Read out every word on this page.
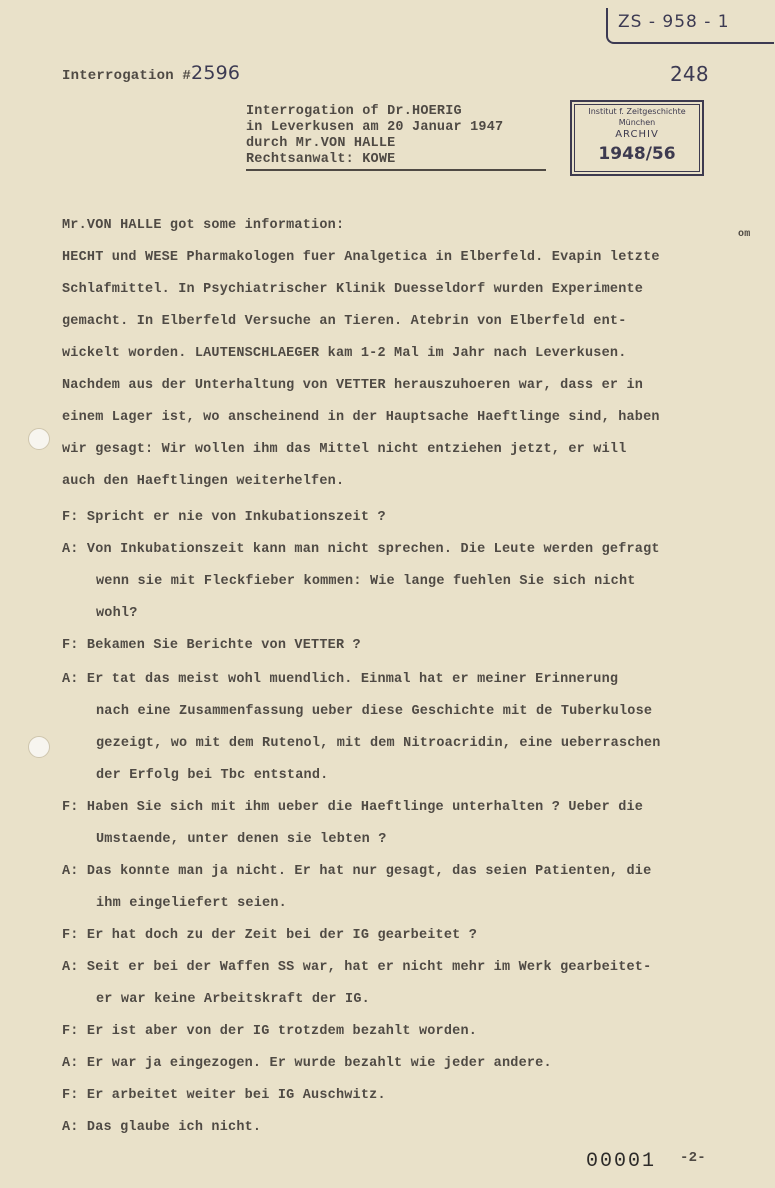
ZS - 958 - 1
248
Interrogation #2596
Interrogation of Dr.HOERIG
in Leverkusen am 20 Januar 1947
durch Mr.VON HALLE
Rechtsanwalt: KOWE
Institut f. Zeitgeschichte
München
ARCHIV
1948/56
om
Mr.VON HALLE got some information:
HECHT und WESE Pharmakologen fuer Analgetica in Elberfeld. Evapin letzte
Schlafmittel. In Psychiatrischer Klinik Duesseldorf wurden Experimente
gemacht. In Elberfeld Versuche an Tieren. Atebrin von Elberfeld ent-
wickelt worden. LAUTENSCHLAEGER kam 1-2 Mal im Jahr nach Leverkusen.
Nachdem aus der Unterhaltung von VETTER herauszuhoeren war, dass er in
einem Lager ist, wo anscheinend in der Hauptsache Haeftlinge sind, haben
wir gesagt: Wir wollen ihm das Mittel nicht entziehen jetzt, er will
auch den Haeftlingen weiterhelfen.
F: Spricht er nie von Inkubationszeit ?
A: Von Inkubationszeit kann man nicht sprechen. Die Leute werden gefragt
wenn sie mit Fleckfieber kommen: Wie lange fuehlen Sie sich nicht
wohl?
F: Bekamen Sie Berichte von VETTER ?
A: Er tat das meist wohl muendlich. Einmal hat er meiner Erinnerung
nach eine Zusammenfassung ueber diese Geschichte mit de Tuberkulose
gezeigt, wo mit dem Rutenol, mit dem Nitroacridin, eine ueberraschen
der Erfolg bei Tbc entstand.
F: Haben Sie sich mit ihm ueber die Haeftlinge unterhalten ? Ueber die
Umstaende, unter denen sie lebten ?
A: Das konnte man ja nicht. Er hat nur gesagt, das seien Patienten, die
ihm eingeliefert seien.
F: Er hat doch zu der Zeit bei der IG gearbeitet ?
A: Seit er bei der Waffen SS war, hat er nicht mehr im Werk gearbeitet-
er war keine Arbeitskraft der IG.
F: Er ist aber von der IG trotzdem bezahlt worden.
A: Er war ja eingezogen. Er wurde bezahlt wie jeder andere.
F: Er arbeitet weiter bei IG Auschwitz.
A: Das glaube ich nicht.
00001 -2-
